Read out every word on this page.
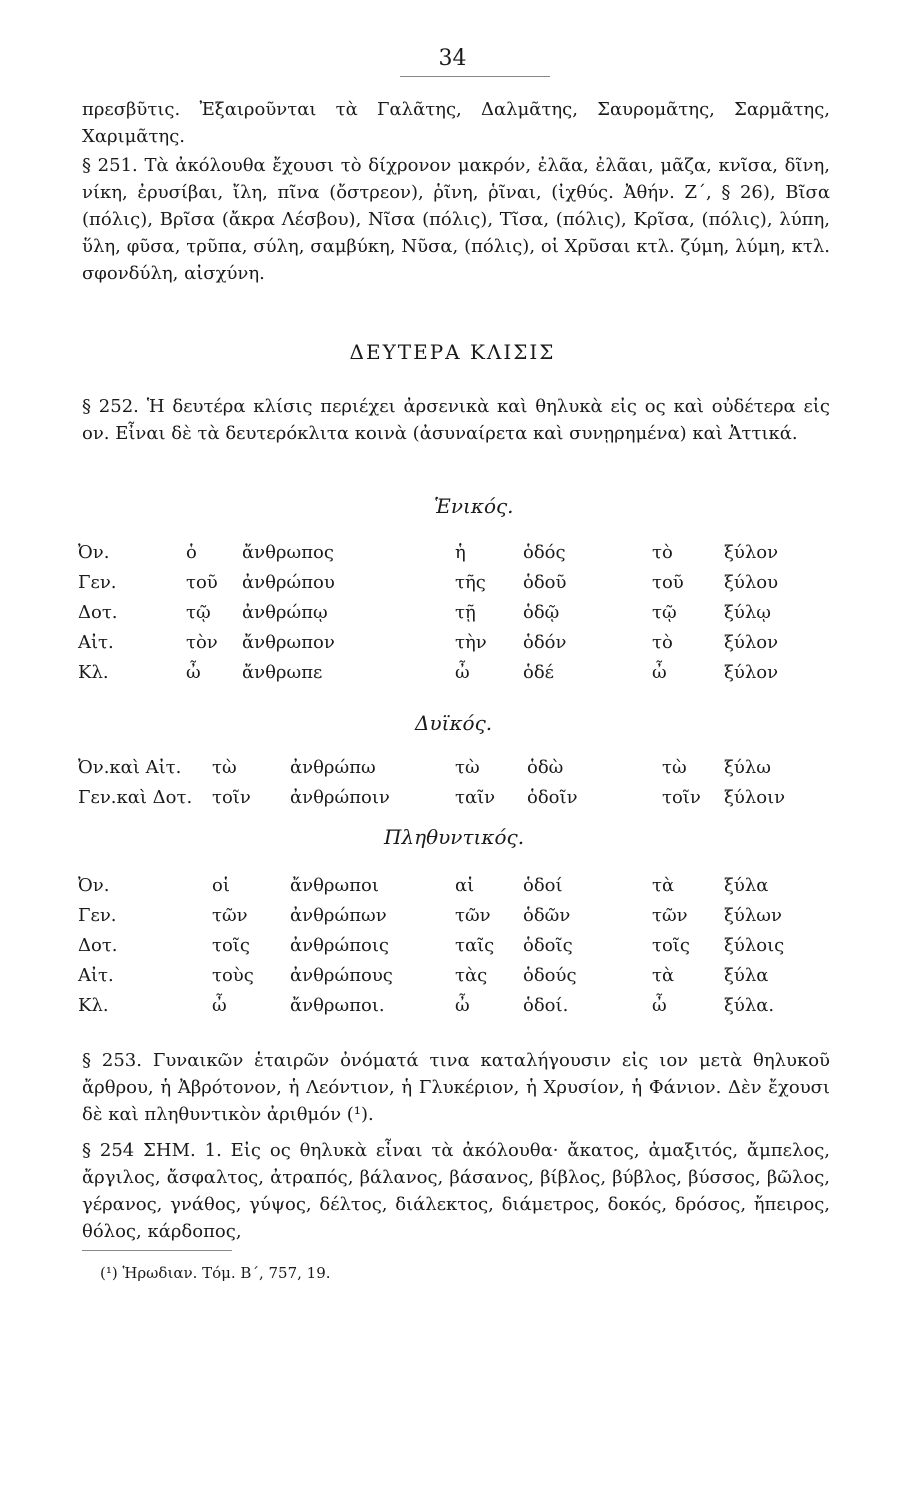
34
πρεσβῦτις. Ἐξαιροῦνται τὰ Γαλᾶτης, Δαλμᾶτης, Σαυρομᾶτης, Σαρμᾶτης, Χαριμᾶτης.
§ 251. Τὰ ἀκόλουθα ἔχουσι τὸ δίχρονον μακρόν, ἐλᾶα, ἐλᾶαι, μᾶζα, κνῖσα, δῖνη, νίκη, ἐρυσίβαι, ἴλη, πῖνα (ὄστρεον), ῥῖνη, ῥῖναι, (ἰχθύς. Ἀθήν. Ζ΄, § 26), Βῖσα (πόλις), Βρῖσα (ἄκρα Λέσβου), Νῖσα (πόλις), Τῖσα, (πόλις), Κρῖσα, (πόλις), λύπη, ὕλη, φῦσα, τρῦπα, σύλη, σαμβύκη, Νῦσα, (πόλις), οἱ Χρῦσαι κτλ. ζύμη, λύμη, κτλ. σφονδύλη, αἰσχύνη.
ΔΕΥΤΕΡΑ ΚΛΙΣΙΣ
§ 252. Ἡ δευτέρα κλίσις περιέχει ἀρσενικὰ καὶ θηλυκὰ εἰς ος καὶ οὐδέτερα εἰς ον. Εἶναι δὲ τὰ δευτερόκλιτα κοινὰ (ἀσυναίρετα καὶ συνῃρημένα) καὶ Ἀττικά.
Ἑνικός.
Ὀν.	ὁ	ἄνθρωπος	ἡ	ὁδός	τὸ	ξύλον
Γεν.	τοῦ ἀνθρώπου	τῆς ὁδοῦ	τοῦ ξύλου
Δοτ.	τῷ ἀνθρώπῳ	τῇ	ὁδῷ	τῷ	ξύλῳ
Αἰτ.	τὸν ἄνθρωπον	τὴν ὁδόν	τὸ	ξύλον
Κλ.	ὦ ἄνθρωπε	ὦ	ὁδέ	ὦ	ξύλον
Δυϊκός.
Ὀν.καὶ Αἰτ. τὼ	ἀνθρώπω	τὼ	ὁδὼ	τὼ ξύλω
Γεν.καὶ Δοτ. τοῖν ἀνθρώποιν	ταῖν ὁδοῖν	τοῖν ξύλοιν
Πληθυντικός.
Ὀν.	οἱ	ἄνθρωποι	αἱ	ὁδοί	τὰ	ξύλα
Γεν.	τῶν ἀνθρώπων	τῶν ὁδῶν	τῶν ξύλων
Δοτ.	τοῖς ἀνθρώποις	ταῖς ὁδοῖς	τοῖς ξύλοις
Αἰτ.	τοὺς ἀνθρώπους	τὰς ὁδούς	τὰ	ξύλα
Κλ.	ὦ	ἄνθρωποι.	ὦ	ὁδοί.	ὦ	ξύλα.
§ 253. Γυναικῶν ἑταιρῶν ὀνόματά τινα καταλήγουσιν εἰς ιον μετὰ θηλυκοῦ ἄρθρου, ἡ Ἀβρότονον, ἡ Λεόντιον, ἡ Γλυκέριον, ἡ Χρυσίον, ἡ Φάνιον. Δὲν ἔχουσι δὲ καὶ πληθυντικὸν ἀριθμόν (¹).
§ 254 ΣΗΜ. 1. Εἰς ος θηλυκὰ εἶναι τὰ ἀκόλουθα· ἄκατος, ἀμαξιτός, ἄμπελος, ἄργιλος, ἄσφαλτος, ἀτραπός, βάλανος, βάσανος, βίβλος, βύβλος, βύσσος, βῶλος, γέρανος, γνάθος, γύψος, δέλτος, διάλεκτος, διάμετρος, δοκός, δρόσος, ἤπειρος, θόλος, κάρδοπος,
(¹) Ἡρωδιαν. Τόμ. Β΄, 757, 19.
